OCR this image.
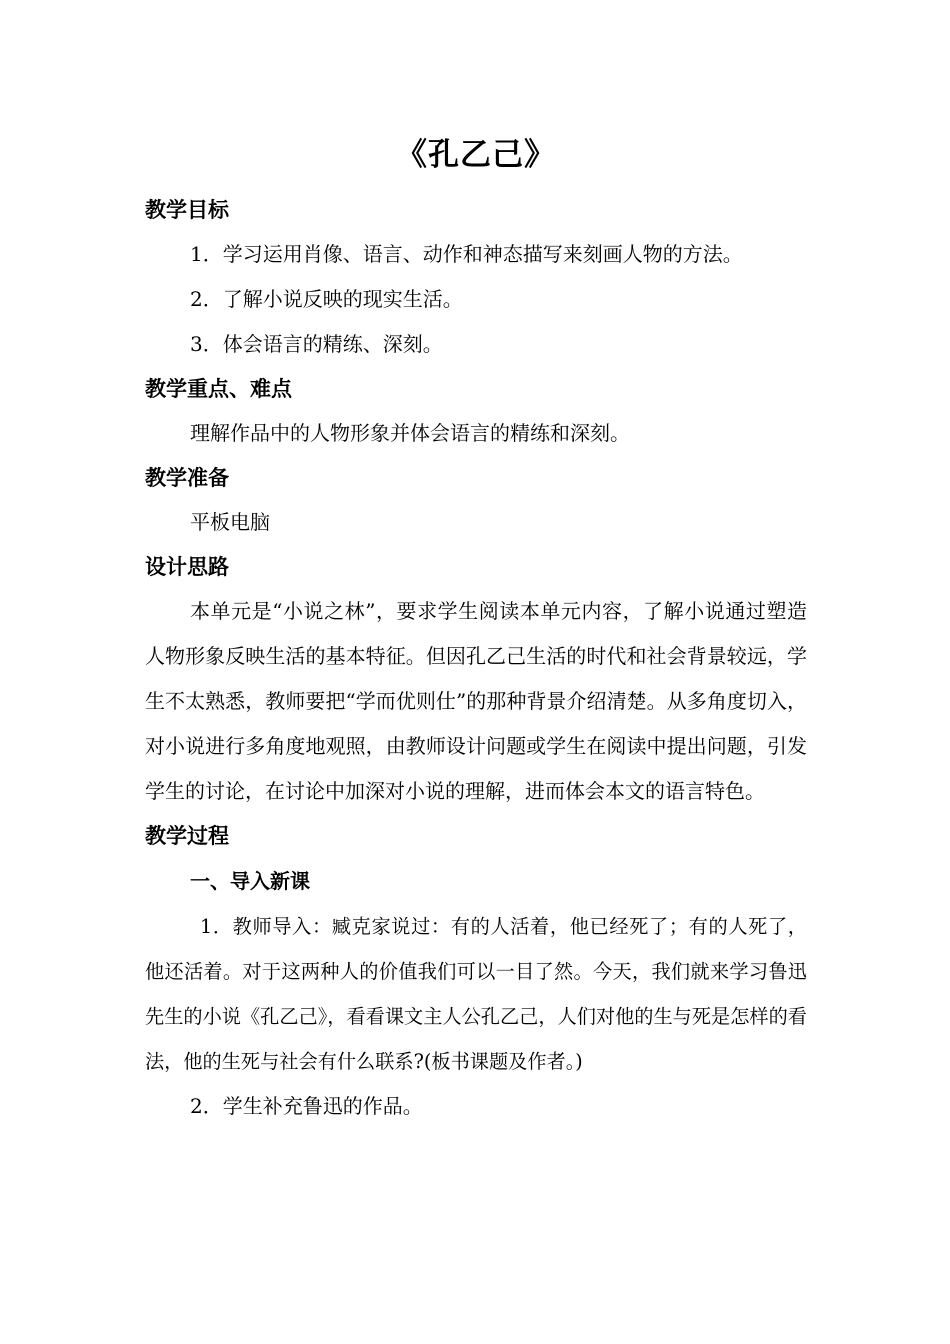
《孔乙己》
教学目标
1．学习运用肖像、语言、动作和神态描写来刻画人物的方法。
2．了解小说反映的现实生活。
3．体会语言的精练、深刻。
教学重点、难点
理解作品中的人物形象并体会语言的精练和深刻。
教学准备
平板电脑
设计思路
本单元是“小说之林”，要求学生阅读本单元内容，了解小说通过塑造人物形象反映生活的基本特征。但因孔乙己生活的时代和社会背景较远，学生不太熟悉，教师要把“学而优则仕”的那种背景介绍清楚。从多角度切入，对小说进行多角度地观照，由教师设计问题或学生在阅读中提出问题，引发学生的讨论，在讨论中加深对小说的理解，进而体会本文的语言特色。
教学过程
一、导入新课
1．教师导入：臧克家说过：有的人活着，他已经死了；有的人死了，他还活着。对于这两种人的价值我们可以一目了然。今天，我们就来学习鲁迅先生的小说《孔乙己》，看看课文主人公孔乙己，人们对他的生与死是怎样的看法，他的生死与社会有什么联系?(板书课题及作者。)
2．学生补充鲁迅的作品。
